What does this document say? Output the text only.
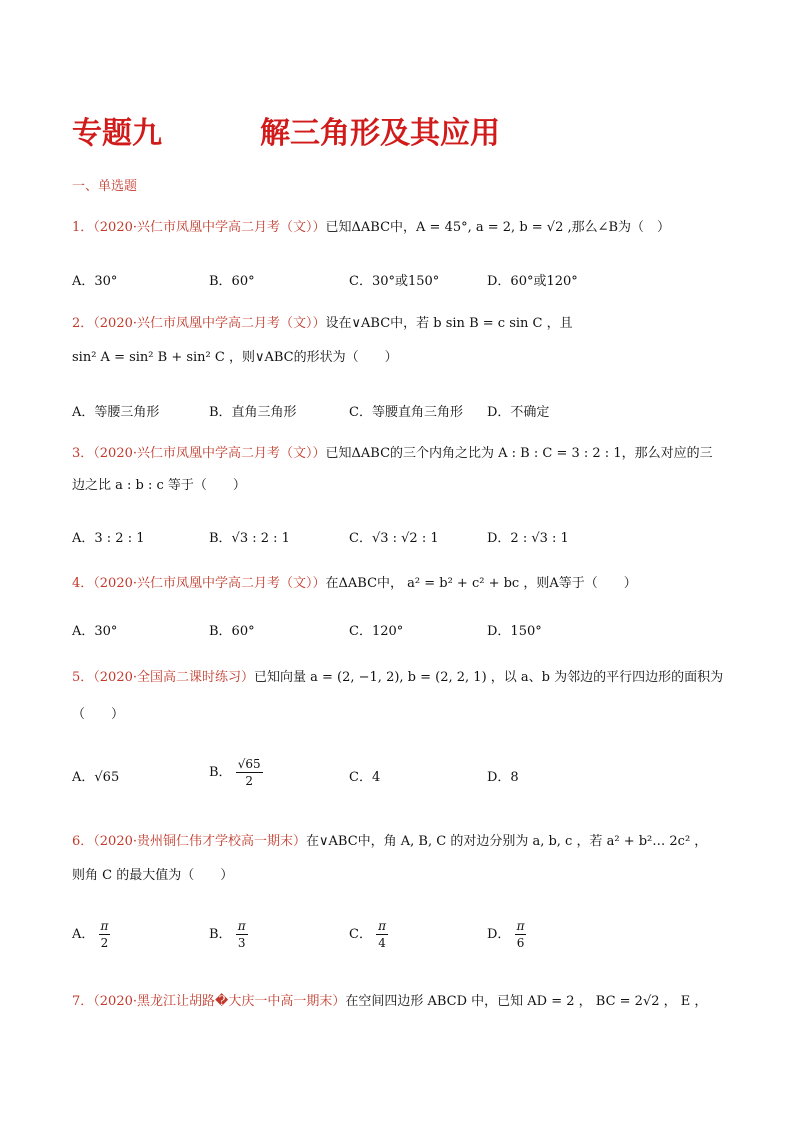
专题九	解三角形及其应用
一、单选题
1．（2020·兴仁市凤凰中学高二月考（文））已知ΔABC中，A = 45°, a = 2, b = √2 ,那么∠B为（　）
A．30°	B．60°	C．30°或150°	D．60°或120°
2．（2020·兴仁市凤凰中学高二月考（文））设在∨ABC中，若 b sin B = c sin C ，且
sin² A = sin² B + sin² C ，则∨ABC的形状为（　　）
A．等腰三角形	B．直角三角形	C．等腰直角三角形 D．不确定
3．（2020·兴仁市凤凰中学高二月考（文））已知ΔABC的三个内角之比为 A : B : C = 3 : 2 : 1，那么对应的三
边之比 a : b : c 等于（　　）
A．3 : 2 : 1	B．√3 : 2 : 1	C．√3 : √2 : 1	D．2 : √3 : 1
4．（2020·兴仁市凤凰中学高二月考（文））在ΔABC中， a² = b² + c² + bc ，则A等于（　　）
A．30°	B．60°	C．120°	D．150°
5．（2020·全国高二课时练习）已知向量 a = (2, −1, 2), b = (2, 2, 1) ，以 a、b 为邻边的平行四边形的面积为
（　　）
A．√65	B． $\frac{√65}{2}$	C．4	D．8
6．（2020·贵州铜仁伟才学校高一期末）在∨ABC中，角 A, B, C 的对边分别为 a, b, c ，若 a² + b²… 2c² ，
则角 C 的最大值为（　　）
A． $\frac{\pi}{2}$	B． $\frac{\pi}{3}$	C． $\frac{\pi}{4}$	D． $\frac{\pi}{6}$
7．（2020·黑龙江让胡路�大庆一中高一期末）在空间四边形 ABCD 中，已知 AD = 2 ， BC = 2√2 ， E ，
